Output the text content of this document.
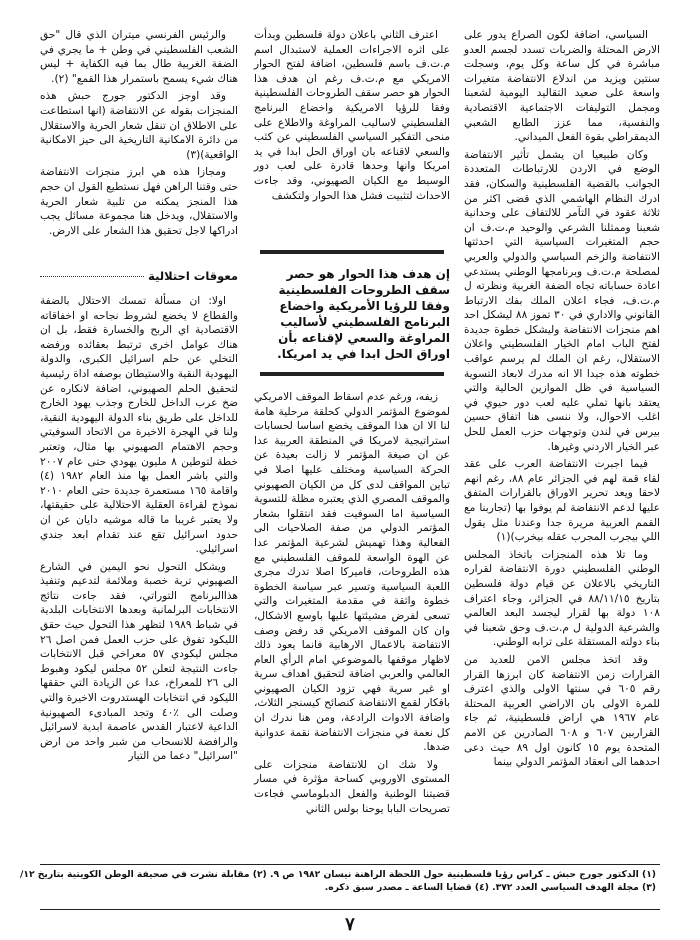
السياسي، اضافة لكون الصراع يدور على الارض المحتلة والضربات تسدد لجسم العدو مباشرة في كل ساعة وكل يوم، وسجلت سنتين ويزيد من اندلاع الانتفاضة متغيرات واسعة على صعيد التقاليد اليومية لشعبنا ومجمل التوليفات الاجتماعية الاقتصادية والنفسية، مما عزز الطابع الشعبي الديمقراطي بقوة الفعل الميداني.

وكان طبيعيا ان يشمل تأثير الانتفاضة الوضع في الاردن للارتباطات المتعددة الجوانب بالقضية الفلسطينية والسكان، فقد ادرك النظام الهاشمي الذي قضى اكثر من ثلاثة عقود في التآمر للالتفاف على وحدانية شعبنا وممثلنا الشرعي والوحيد م.ت.ف ان حجم المتغيرات السياسية التي احدثتها الانتفاضة والزخم السياسي والدولي والعربي لمصلحة م.ت.ف وبرنامجها الوطني يستدعي اعادة حساباته تجاه الضفة الغربية ونظرته ل م.ت.ف، فجاء اعلان الملك بفك الارتباط القانوني والاداري في ٣٠ تموز ٨٨ ليشكل احد اهم منجزات الانتفاضة وليشكل خطوة جديدة لفتح الباب امام الخيار الفلسطيني واعلان الاستقلال، رغم ان الملك لم يرسم عواقب خطوته هذه جيدا الا انه مدرك لابعاد التسوية السياسية في ظل الموازين الحالية والتي يعتقد بانها تملي عليه لعب دور حيوي في اغلب الاحوال، ولا ننسى هنا اتفاق حسين بيرس في لندن وتوجهات حزب العمل للحل عبر الخيار الاردني وغيرها.

فيما اجبرت الانتفاضة العرب على عقد لقاء قمة لهم في الجزائر عام ٨٨، رغم انهم لاحقا ويعد تحرير الاوراق بالقرارات المتفق عليها لدعم الانتفاضة لم يوفوا بها (تجاربنا مع القمم العربية مريرة جدا وعندنا مثل يقول اللي بيجرب المجرب عقله بيخرب)(١)

وما تلا هذه المنجزات باتخاذ المجلس الوطني الفلسطيني دورة الانتفاضة لقراره التاريخي بالاعلان عن قيام دولة فلسطين بتاريخ ٨٨/١١/١٥ في الجزائر، وجاء اعتراف ١٠٨ دولة بها لقرار ليجسد البعد العالمي والشرعية الدولية ل م.ت.ف وحق شعبنا في بناء دولته المستقلة على ترابه الوطني.

وقد اتخذ مجلس الامن للعديد من القرارات زمن الانتفاضة كان ابرزها القرار رقم ٦٠٥ في سنتها الاولى والذي اعترف للمرة الاولى بان الاراضي العربية المحتلة عام ١٩٦٧ هي اراض فلسطينية، ثم جاء القراربين ٦٠٧ و ٦٠٨ الصادرين عن الامم المتحدة يوم ١٥ كانون اول ٨٩ حيث دعى احدهما الى انعقاد المؤتمر الدولي بينما

اعترف الثاني باعلان دولة فلسطين وبدأت على اثره الاجراءات العملية لاستبدال اسم م.ت.ف باسم فلسطين، اضافة لفتح الحوار الامريكي مع م.ت.ف رغم ان هدف هذا الحوار هو حصر سقف الطروحات الفلسطينية وفقا للرؤيا الامريكية واخضاع البرنامج الفلسطيني لاساليب المراوغة والاطلاع على منحى التفكير السياسي الفلسطيني عن كثب والسعي لاقناعه بان اوراق الحل ابدا في يد امريكا وانها وحدها قادرة على لعب دور الوسيط مع الكيان الصهيوني، وقد جاءت الاحداث لتثبيت فشل هذا الحوار ولتكشف

إن هدف هذا الحوار هو حصر سقف الطروحات الفلسطينية وفقا للرؤيا الأمريكية واخضاع البرنامج الفلسطيني لأساليب المراوغة والسعي لإقناعه بأن اوراق الحل ابدا في يد امريكا.

زيفه، ورغم عدم اسقاط الموقف الامريكي لموضوع المؤتمر الدولي كحلقة مرحلية هامة لنا الا ان هذا الموقف يخضع اساسا لحسابات استراتيجية لامريكا في المنطقة العربية عدا عن ان صيغة المؤتمر لا زالت بعيدة عن الحركة السياسية ومختلف عليها اصلا في تباين المواقف لدى كل من الكيان الصهيوني والموقف المصري الذي يعتبره مظلة للتسوية السياسية اما السوفيت فقد انتقلوا بشعار المؤتمر الدولي من صفة الصلاحيات الى الفعالية وهذا تهميش لشرعية المؤتمر عدا عن الهوة الواسعة للموقف الفلسطيني مع هذه الطروحات، فاميركا اصلا تدرك مجرى اللعبة السياسية وتسير عبر سياسة الخطوة خطوة واثقة في مقدمة المتغيرات والتي تسعى لفرض مشيئتها عليها باوسع الاشكال، وان كان الموقف الامريكي قد رفض وصف الانتفاضة بالاعمال الارهابية فانما يعود ذلك لاظهار موقفها بالموضوعي امام الرأي العام العالمي والعربي اضافة لتحقيق اهداف سرية او غير سرية فهي تزود الكيان الصهيوني بافكار لقمع الانتفاضة كنصائح كيسنجر الثلاث، واضافة الادوات الرادعة، ومن هنا ندرك ان كل نعمة في منجزات الانتفاضة نقمة عدوانية ضدها.

ولا شك ان للانتفاضة منجزات على المستوى الاوروبي كساحة مؤثرة في مسار قضيتنا الوطنية والفعل الدبلوماسي فجاءت تصريحات البابا يوحنا بولس الثاني

والرئيس الفرنسي ميتران الذي قال "حق الشعب الفلسطيني في وطن + ما يجري في الضفة الغربية طال بما فيه الكفاية + ليس هناك شيء يسمح باستمرار هذا القمع" (٢).

وقد اوجز الدكتور جورج حبش هذه المنجزات بقوله عن الانتفاضة (انها استطاعت على الاطلاق ان تنقل شعار الحرية والاستقلال من دائرة الامكانية التاريخية الى حيز الامكانية الواقعية)(٣)

ومجازا هذه هي ابرز منجزات الانتفاضة حتى وقتنا الراهن فهل نستطيع القول ان حجم هذا المنجز يمكنه من تلبية شعار الحرية والاستقلال، ويدخل هنا مجموعة مسائل يجب ادراكها لاجل تحقيق هذا الشعار على الارض.

معوقات احتلالية

اولا: ان مسألة تمسك الاحتلال بالضفة والقطاع لا يخضع لشروط نجاحه او اخفاقاته الاقتصادية اي الربح والخسارة فقط، بل ان هناك عوامل اخرى ترتبط بعقائده ورفضه التخلي عن حلم اسرائيل الكبرى، والدولة اليهودية النقية والاستيطان بوصفه اداة رئيسية لتحقيق الحلم الصهيوني، اضافة لانكاره عن ضخ عرب الداخل للخارج وجذب يهود الخارج للداخل على طريق بناء الدولة اليهودية النقية، ولنا في الهجرة الاخيرة من الاتحاد السوفيتي وحجم الاهتمام الصهيوني بها مثال، وتعتبر خطة لتوطين ٨ مليون يهودي حتى عام ٢٠٠٧ والتي باشر العمل بها منذ العام ١٩٨٢ (٤) واقامة ١٦٥ مستعمرة جديدة حتى العام ٢٠١٠ نموذج لقراءة العقلية الاحتلالية على حقيقتها، ولا يعتبر غريبا ما قاله موشيه دايان عن ان حدود اسرائيل تقع عند تقدام ابعد جندي اسرائيلي.

ويشكل التحول نحو اليمين في الشارع الصهيوني تربة خصبة وملائمة لتدعيم وتنفيذ هذاالبرنامج التوراتي، فقد جاءت نتائج الانتخابات البرلمانية وبعدها الانتخابات البلدية في شباط ١٩٨٩ لتظهر هذا التحول حيث حقق الليكود تفوق على حزب العمل فمن اصل ٢٦ مجلس ليكودي ٥٧ معراخي قبل الانتخابات جاءت النتيجة لتعلن ٥٢ مجلس ليكود وهبوط الى ٢٦ للمعراخ، عدا عن الزيادة التي حققها الليكود في انتخابات الهستدروت الاخيرة والتي وصلت الى ٪٤٠ وتجد المبادىء الصهيونية الداعية لاعتبار القدس عاصمة ابدية لاسرائيل والرافضة للانسحاب من شبر واحد من ارض "اسرائيل" دعما من التيار

(١) الدكتور جورج حبش ـ كراس رؤيا فلسطينية حول اللحظة الراهنة نيسان ١٩٨٢ ص ٩. (٢) مقابلة نشرت في صحيفة الوطن الكويتية بتاريخ ١٢/
(٣) مجلة الهدف السياسي العدد ٣٧٢. (٤) قضايا الساعة ـ مصدر سبق ذكره.
٧
